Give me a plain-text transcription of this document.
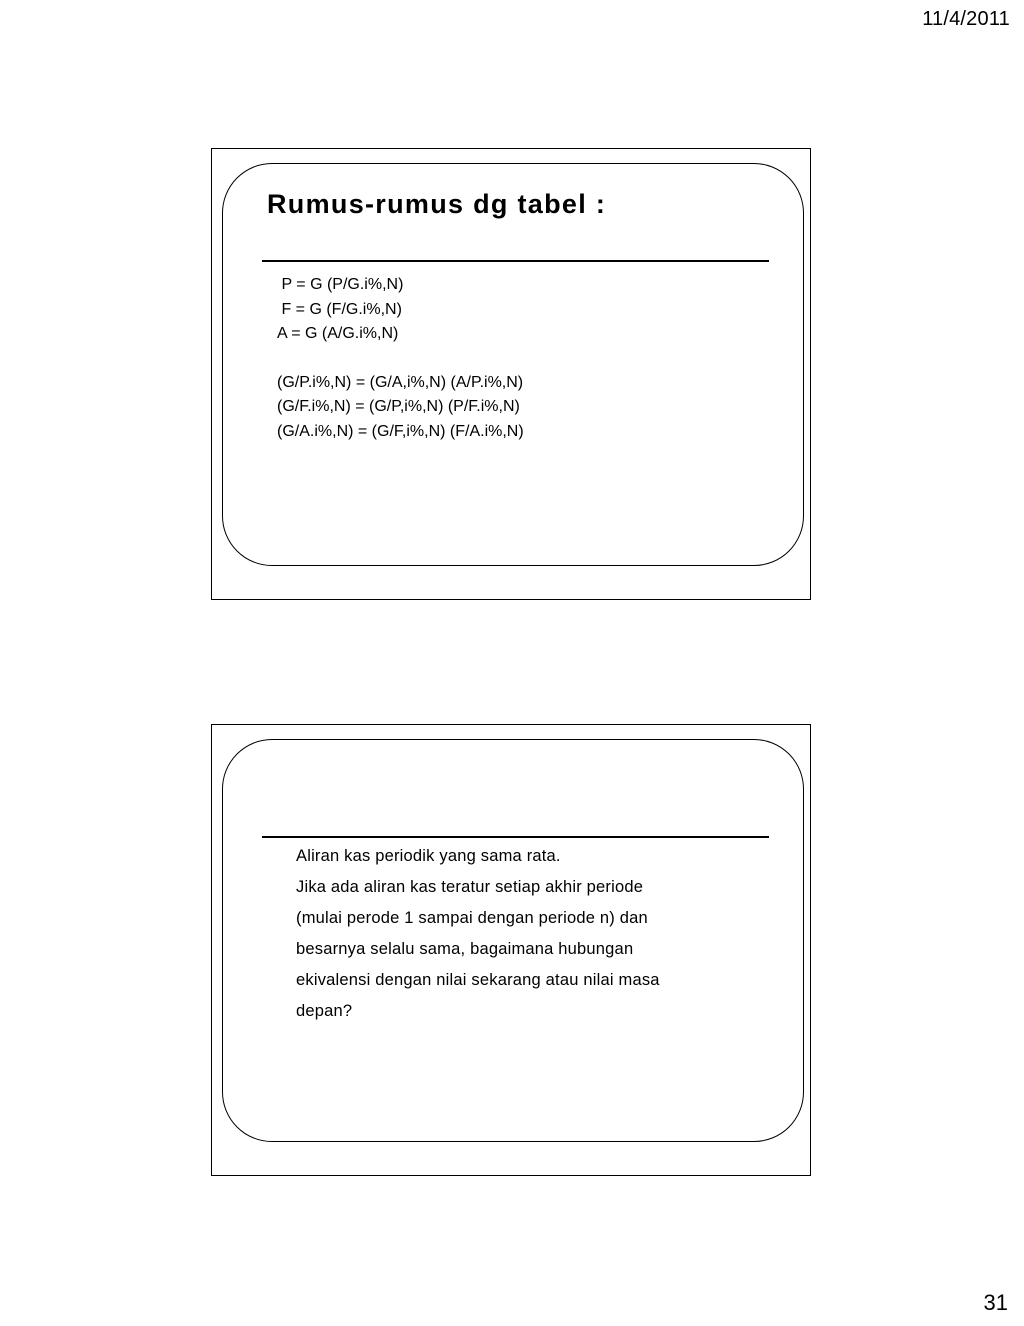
11/4/2011
Rumus-rumus dg tabel :
P = G (P/G.i%,N)
F = G (F/G.i%,N)
A = G (A/G.i%,N)
(G/P.i%,N) = (G/A,i%,N) (A/P.i%,N)
(G/F.i%,N) = (G/P,i%,N) (P/F.i%,N)
(G/A.i%,N) = (G/F,i%,N) (F/A.i%,N)
Aliran kas periodik yang sama rata.
Jika ada aliran kas teratur setiap akhir periode
(mulai perode 1 sampai dengan periode n) dan
besarnya selalu sama, bagaimana hubungan
ekivalensi dengan nilai sekarang atau nilai masa
depan?
31
